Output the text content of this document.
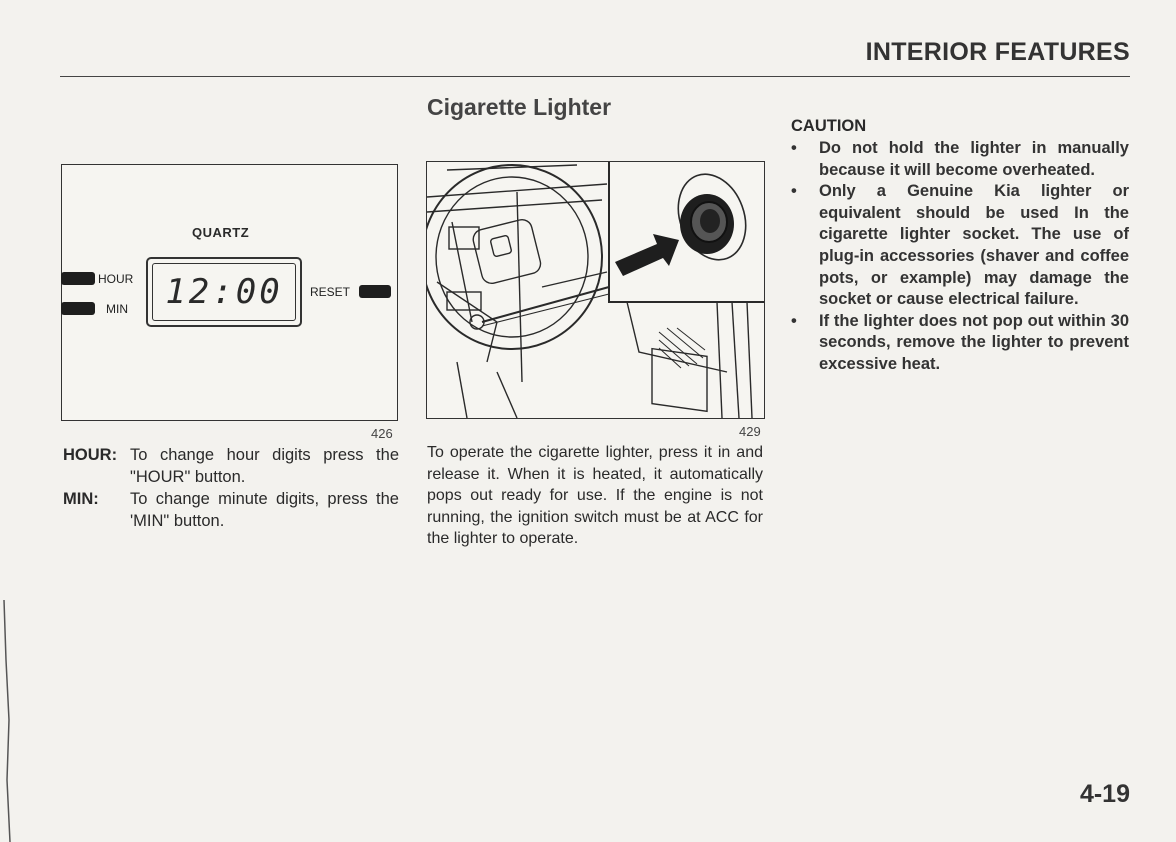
INTERIOR FEATURES
Cigarette Lighter
QUARTZ
HOUR
MIN	12:00	RESET
426	429
HOUR: To change hour digits press the "HOUR" button.
MIN:	To change minute digits, press the 'MIN" button.

To operate the cigarette lighter, press it in and release it. When it is heated, it automatically pops out ready for use. If the engine is not running, the ignition switch must be at ACC for the lighter to operate.

CAUTION
• Do not hold the lighter in manually because it will become overheated.
• Only a Genuine Kia lighter or equivalent should be used In the cigarette lighter socket. The use of plug-in accessories (shaver and coffee pots, or example) may damage the socket or cause electrical failure.
• If the lighter does not pop out within 30 seconds, remove the lighter to prevent excessive heat.

4-19
